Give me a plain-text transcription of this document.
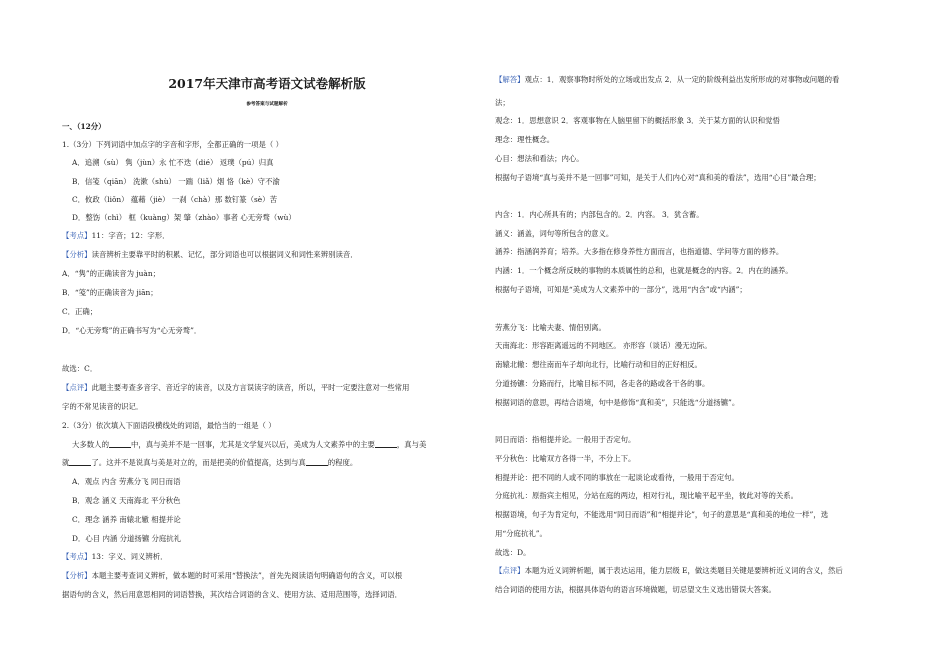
2017年天津市高考语文试卷解析版
参考答案与试题解析
一、（12分）
1.（3分）下列词语中加点字的字音和字形，全都正确的一项是（ ）
A．追溯（sù） 隽（jùn）永 忙不迭（dié） 返璞（pú）归真
B．信笺（qiān） 洗漱（shù） 一踹（liǎ）烟 恪（kè）守不渝
C．攸政（liǒn） 蕴藉（jiè） 一刹（chà）那 数钉篆（sè）苦
D．整饬（chì） 框（kuàng）架 肇（zhào）事者 心无旁骛（wù）
【考点】11：字音；12：字形．
【分析】读音辨析主要靠平时的积累、记忆，部分词语也可以根据词义和词性来辨别读音．
A．“隽”的正确读音为 juàn；
B．“笺”的正确读音为 jiān；
C．正确；
D．“心无旁骛”的正确书写为“心无旁骛”．
故选：C．
【点评】此题主要考查多音字、音近字的读音，以及方言误读字的读音，所以，平时一定要注意对一些常用
字的不常见读音的识记．
2.（3分）依次填入下面语段横线处的词语，最恰当的一组是（ ）
大多数人的	中，真与美并不是一回事，尤其是文学复兴以后，美成为人文素养中的主要	，真与美
就	了。这并不是说真与美是对立的，而是把美的价值提高，达到与真	的程度。
A．观点 内含 劳燕分飞 同日而语
B．观念 涵义 天南海北 平分秋色
C．理念 涵养 南辕北辙 相提并论
D．心目 内涵 分道扬镳 分庭抗礼
【考点】13：字义、词义辨析．
【分析】本题主要考查词义辨析，做本题的时可采用“替换法”，首先先阅读语句明确语句的含义，可以根
据语句的含义，然后用意思相同的词语替换，其次结合词语的含义、使用方法、适用范围等，选择词语．
【解答】观点：1．观察事物时所处的立场或出发点 2．从一定的阶级利益出发所形成的对事物或问题的看
法；
观念：1．思想意识 2．客观事物在人脑里留下的概括形象 3．关于某方面的认识和觉悟
理念：理性概念。
心目：想法和看法；内心。
根据句子语境“真与美并不是一回事”可知，是关于人们内心对“真和美的看法”，选用“心目”最合理；
内含：1．内心所具有的；内部包含的。2．内容。 3．犹含蓄。
涵义：涵盖，词句等所包含的意义。
涵养：指涵润养育；培养。大多指在修身养性方面而言，也指道德、学问等方面的修养。
内涵：1．一个概念所反映的事物的本质属性的总和，也就是概念的内容。2．内在的涵养。
根据句子语境，可知是“美成为人文素养中的一部分”，选用“内含”或“内涵”；
劳燕分飞：比喻夫妻、情侣别离。
天南海北：形容距离遥远的不同地区。 亦形容（谈话）漫无边际。
南辕北辙：想往南而车子却向北行，比喻行动和目的正好相反。
分道扬镳：分路而行，比喻目标不同，各走各的路或各干各的事。
根据词语的意思，再结合语境，句中是修饰“真和美”，只能选“分道扬镳”。
同日而语：指相提并论。一般用于否定句。
平分秋色：比喻双方各得一半，不分上下。
相提并论：把不同的人或不同的事放在一起谈论或看待，一般用于否定句。
分庭抗礼：原指宾主相见，分站在庭的两边，相对行礼，现比喻平起平坐，彼此对等的关系。
根据语境，句子为肯定句，不能选用“同日而语”和“相提并论”，句子的意思是“真和美的地位一样”，选
用“分庭抗礼”。
故选：D。
【点评】本题为近义词辨析题，属于表达运用，能力层级 E，做这类题目关键是要辨析近义词的含义，然后
结合词语的使用方法，根据具体语句的语言环境做题，切忌望文生义选出错误大答案。
